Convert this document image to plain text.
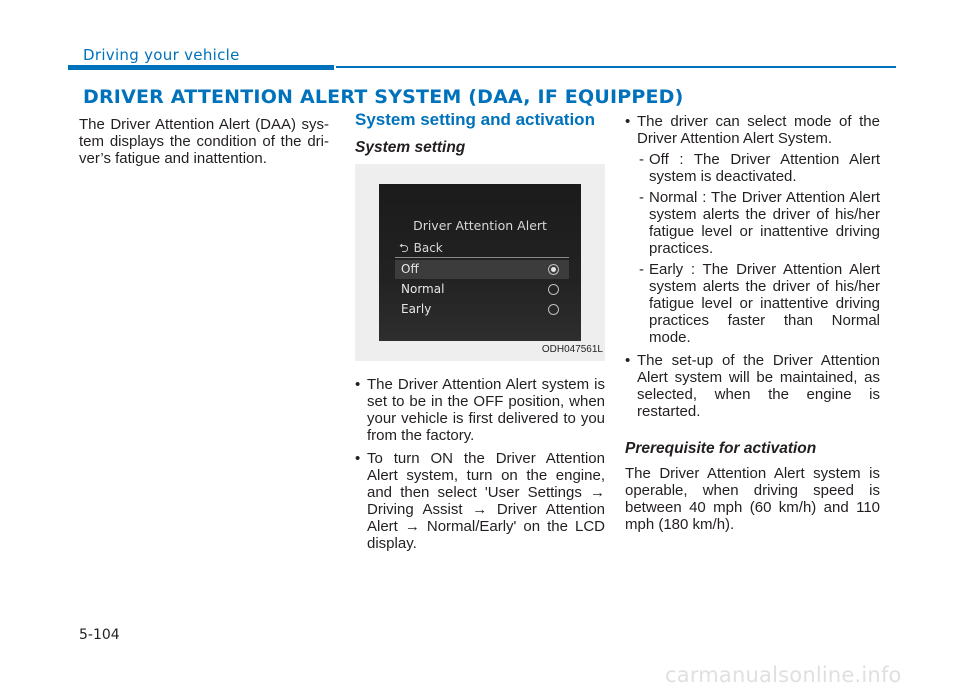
Driving your vehicle
DRIVER ATTENTION ALERT SYSTEM (DAA, IF EQUIPPED)

The Driver Attention Alert (DAA) sys-tem displays the condition of the dri-ver’s fatigue and inattention.

System setting and activation
System setting
Driver Attention Alert
⮌ Back
Off
Normal
Early
ODH047561L
• The Driver Attention Alert system is set to be in the OFF position, when your vehicle is first delivered to you from the factory.
• To turn ON the Driver Attention Alert system, turn on the engine, and then select 'User Settings → Driving Assist → Driver Attention Alert → Normal/Early' on the LCD display.
• The driver can select mode of the Driver Attention Alert System.
- Off : The Driver Attention Alert system is deactivated.
- Normal : The Driver Attention Alert system alerts the driver of his/her fatigue level or inattentive driving practices.
- Early : The Driver Attention Alert system alerts the driver of his/her fatigue level or inattentive driving practices faster than Normal mode.
• The set-up of the Driver Attention Alert system will be maintained, as selected, when the engine is restarted.
Prerequisite for activation

The Driver Attention Alert system is operable, when driving speed is between 40 mph (60 km/h) and 110 mph (180 km/h).

5-104
carmanualsonline.info
